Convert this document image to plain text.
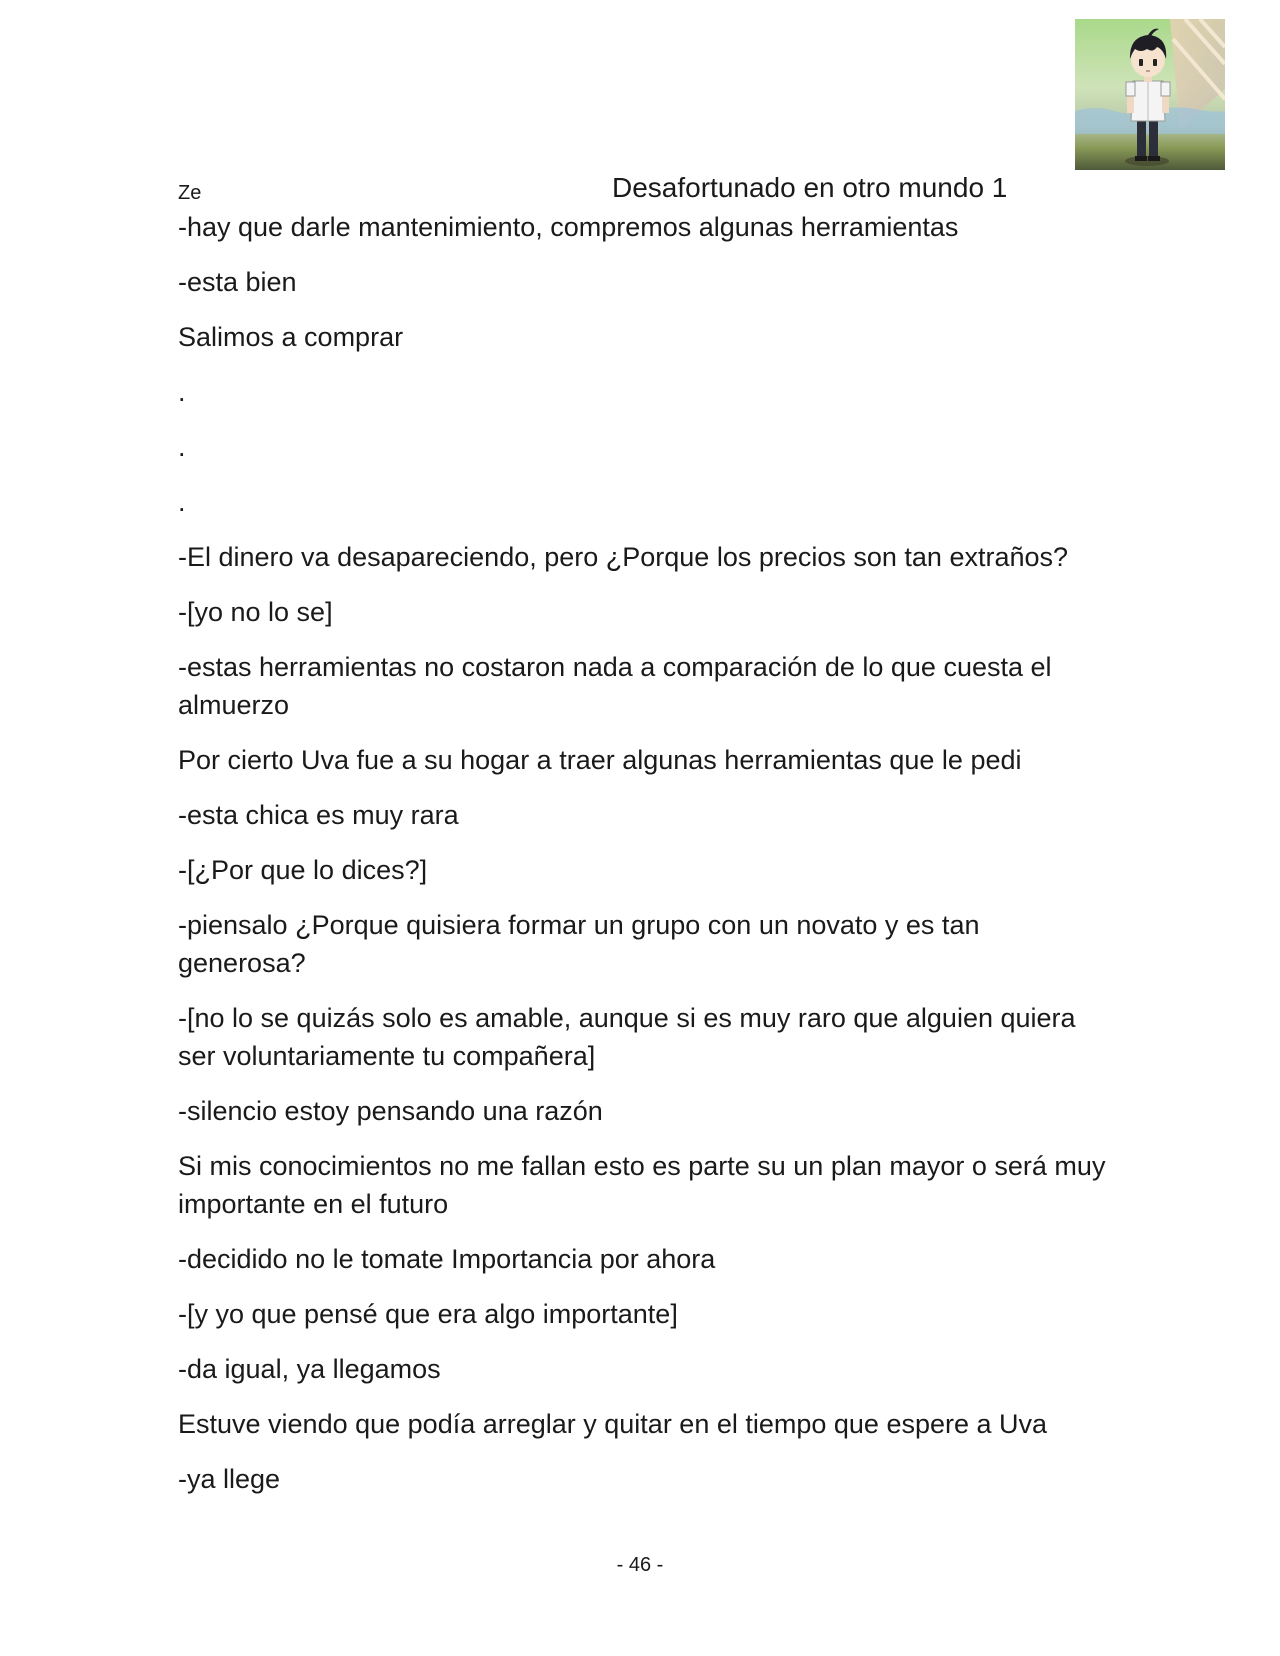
Ze	Desafortunado en otro mundo 1

-hay que darle mantenimiento, compremos algunas herramientas

-esta bien

Salimos a comprar

.

.

.

-El dinero va desapareciendo, pero ¿Porque los precios son tan extraños?

-[yo no lo se]

-estas herramientas no costaron nada a comparación de lo que cuesta el almuerzo

Por cierto Uva fue a su hogar a traer algunas herramientas que le pedi

-esta chica es muy rara

-[¿Por que lo dices?]

-piensalo ¿Porque quisiera formar un grupo con un novato y es tan generosa?

-[no lo se quizás solo es amable, aunque si es muy raro que alguien quiera ser voluntariamente tu compañera]

-silencio estoy pensando una razón

Si mis conocimientos no me fallan esto es parte su un plan mayor o será muy importante en el futuro

-decidido no le tomate Importancia por ahora

-[y yo que pensé que era algo importante]

-da igual, ya llegamos

Estuve viendo que podía arreglar y quitar en el tiempo que espere a Uva

-ya llege

- 46 -
